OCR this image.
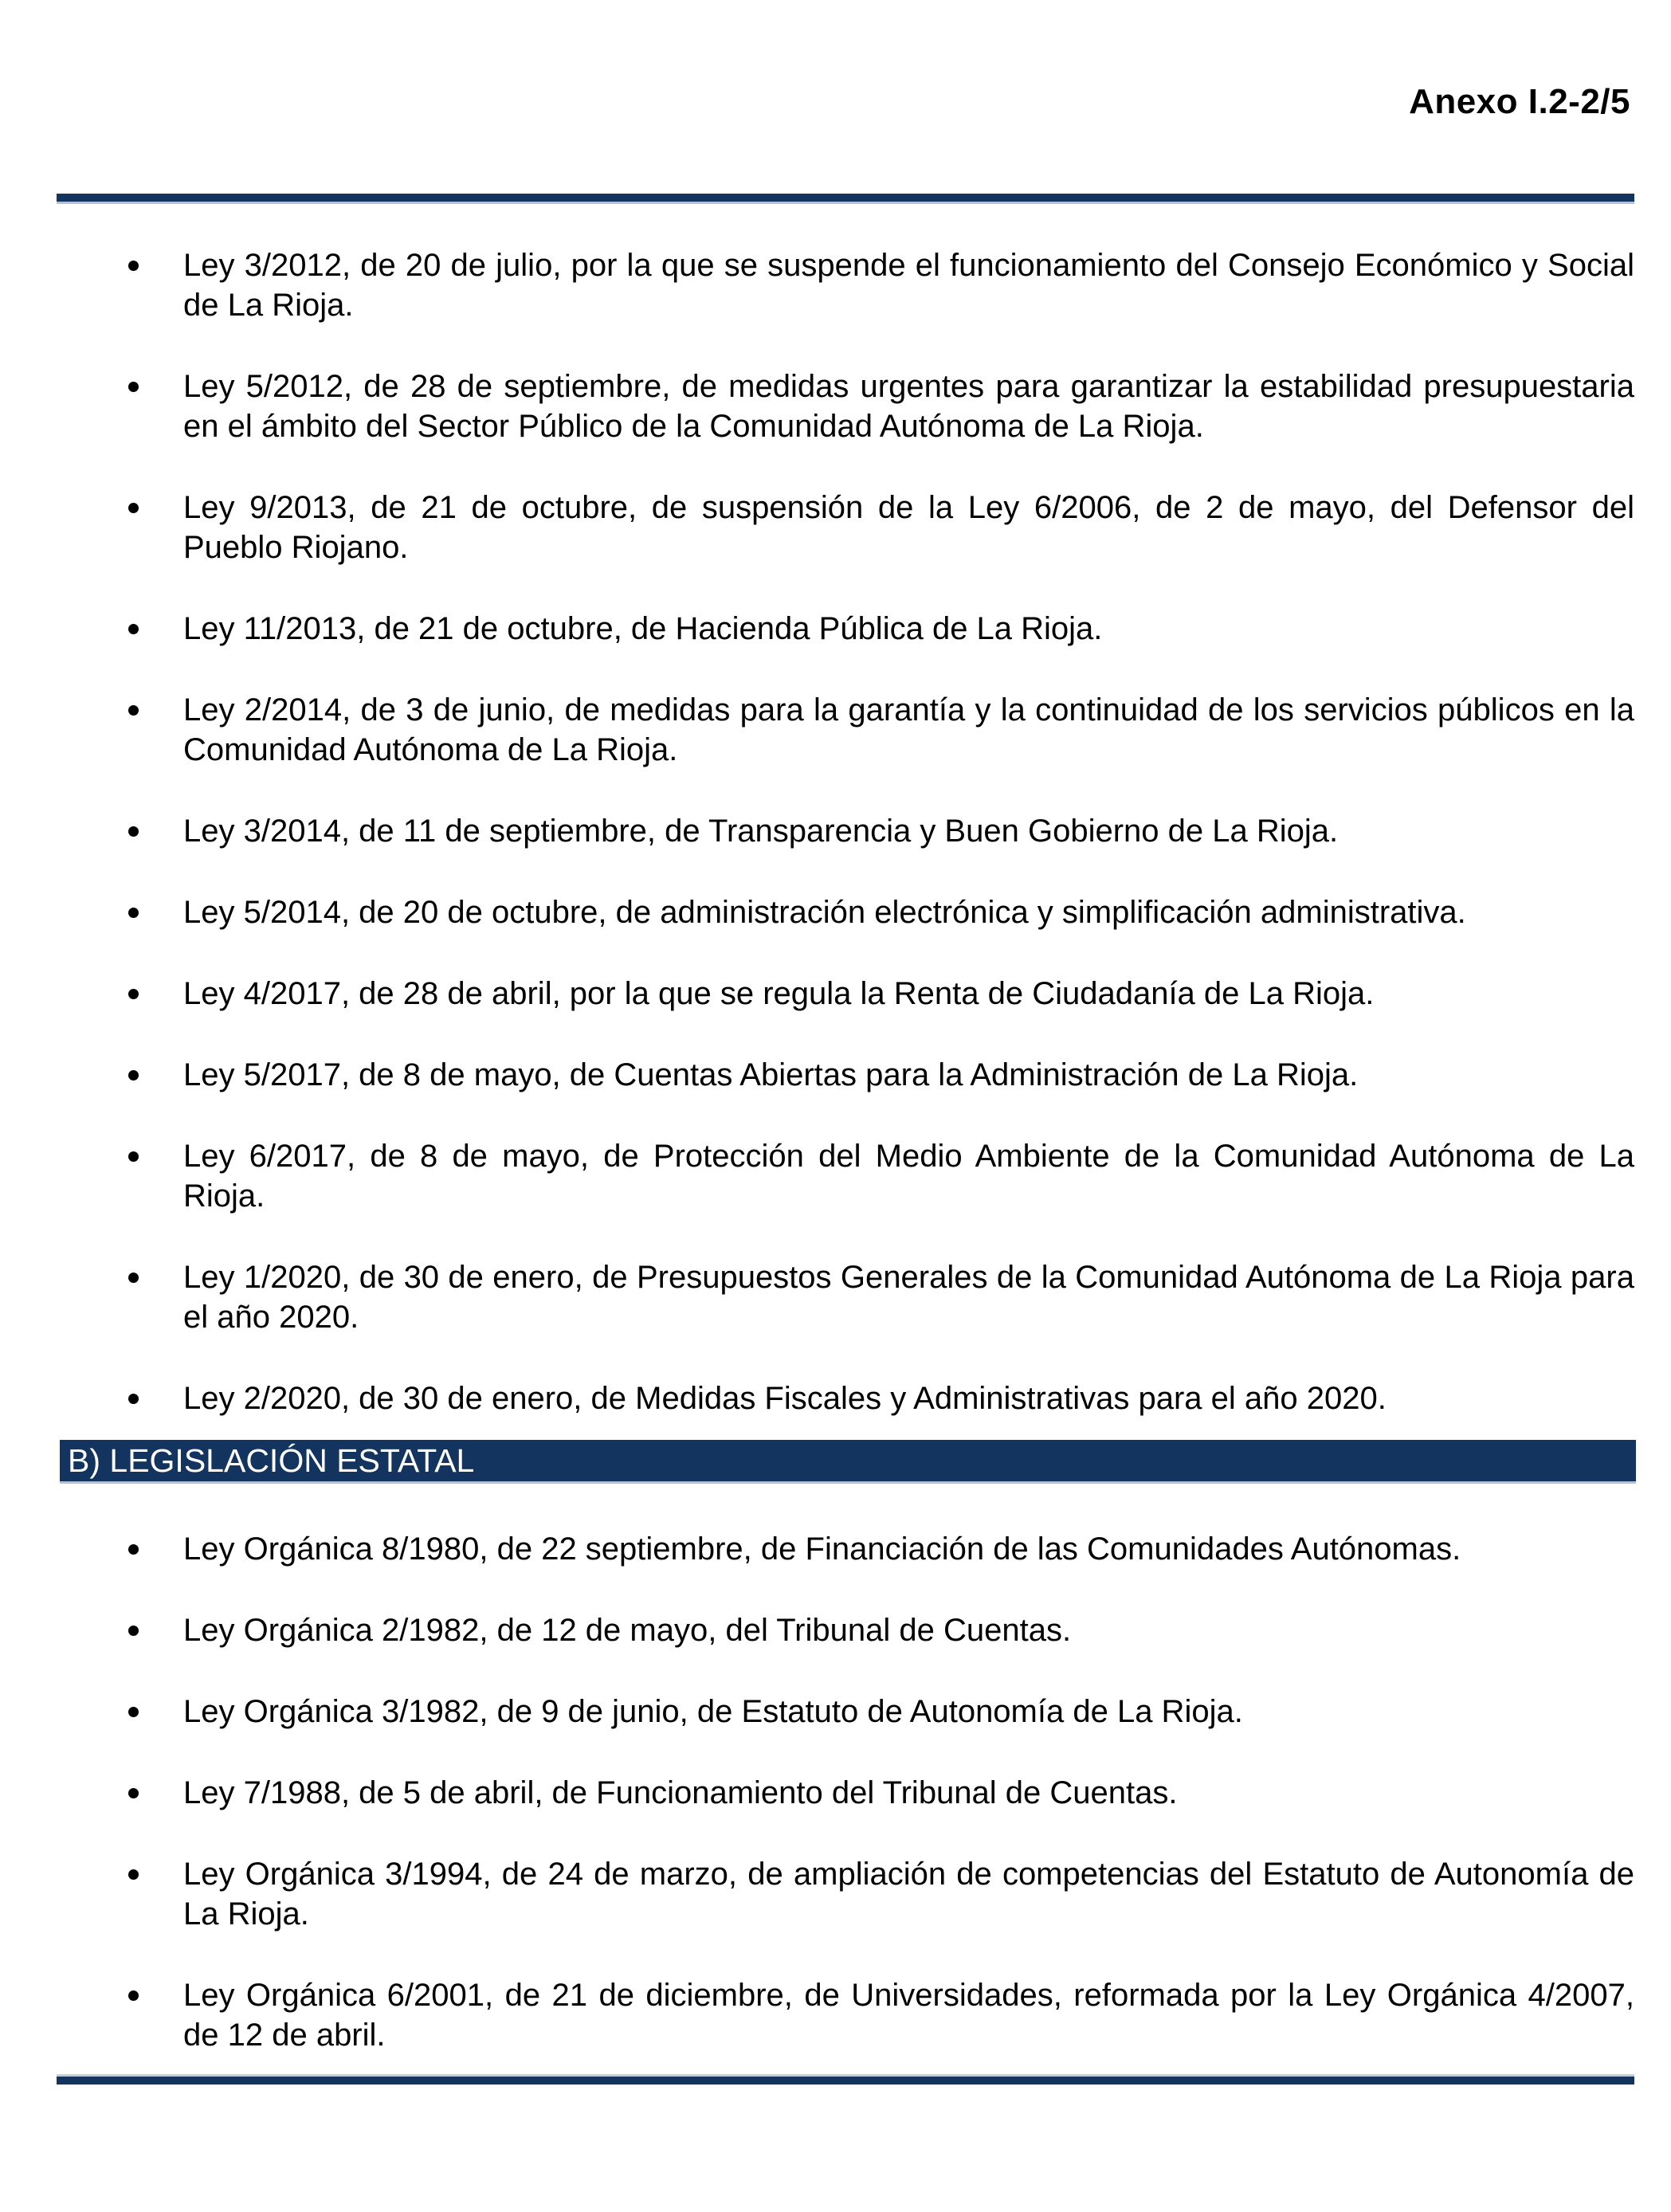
Anexo I.2-2/5

Ley 3/2012, de 20 de julio, por la que se suspende el funcionamiento del Consejo Económico y Social de La Rioja.
Ley 5/2012, de 28 de septiembre, de medidas urgentes para garantizar la estabilidad presupuestaria en el ámbito del Sector Público de la Comunidad Autónoma de La Rioja.
Ley 9/2013, de 21 de octubre, de suspensión de la Ley 6/2006, de 2 de mayo, del Defensor del Pueblo Riojano.
Ley 11/2013, de 21 de octubre, de Hacienda Pública de La Rioja.
Ley 2/2014, de 3 de junio, de medidas para la garantía y la continuidad de los servicios públicos en la Comunidad Autónoma de La Rioja.
Ley 3/2014, de 11 de septiembre, de Transparencia y Buen Gobierno de La Rioja.
Ley 5/2014, de 20 de octubre, de administración electrónica y simplificación administrativa.
Ley 4/2017, de 28 de abril, por la que se regula la Renta de Ciudadanía de La Rioja.
Ley 5/2017, de 8 de mayo, de Cuentas Abiertas para la Administración de La Rioja.
Ley 6/2017, de 8 de mayo, de Protección del Medio Ambiente de la Comunidad Autónoma de La Rioja.
Ley 1/2020, de 30 de enero, de Presupuestos Generales de la Comunidad Autónoma de La Rioja para el año 2020.
Ley 2/2020, de 30 de enero, de Medidas Fiscales y Administrativas para el año 2020.
B) LEGISLACIÓN ESTATAL
Ley Orgánica 8/1980, de 22 septiembre, de Financiación de las Comunidades Autónomas.
Ley Orgánica 2/1982, de 12 de mayo, del Tribunal de Cuentas.
Ley Orgánica 3/1982, de 9 de junio, de Estatuto de Autonomía de La Rioja.
Ley 7/1988, de 5 de abril, de Funcionamiento del Tribunal de Cuentas.
Ley Orgánica 3/1994, de 24 de marzo, de ampliación de competencias del Estatuto de Autonomía de La Rioja.
Ley Orgánica 6/2001, de 21 de diciembre, de Universidades, reformada por la Ley Orgánica 4/2007, de 12 de abril.
